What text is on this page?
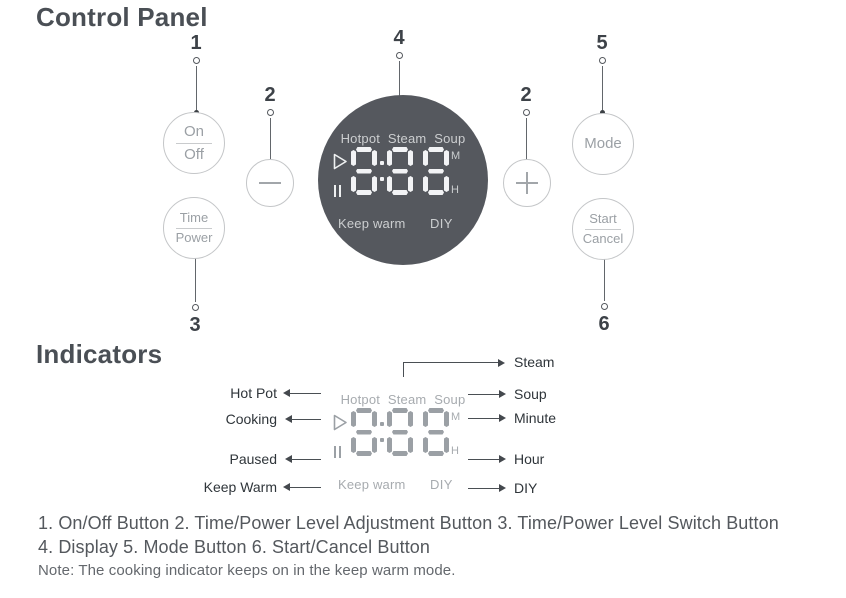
Control Panel
1
2
4
2
5
3	6
On
Off
Time
Power
Mode
Start
Cancel
Hotpot Steam Soup
M
H
Keep warm DIY
Indicators
Hotpot Steam Soup
M
H
Keep warm DIY
Hot Pot
Cooking
Paused
Keep Warm
Steam
Soup
Minute
Hour
DIY

1. On/Off Button 2. Time/Power Level Adjustment Button 3. Time/Power Level Switch Button

4. Display 5. Mode Button 6. Start/Cancel Button

Note: The cooking indicator keeps on in the keep warm mode.
